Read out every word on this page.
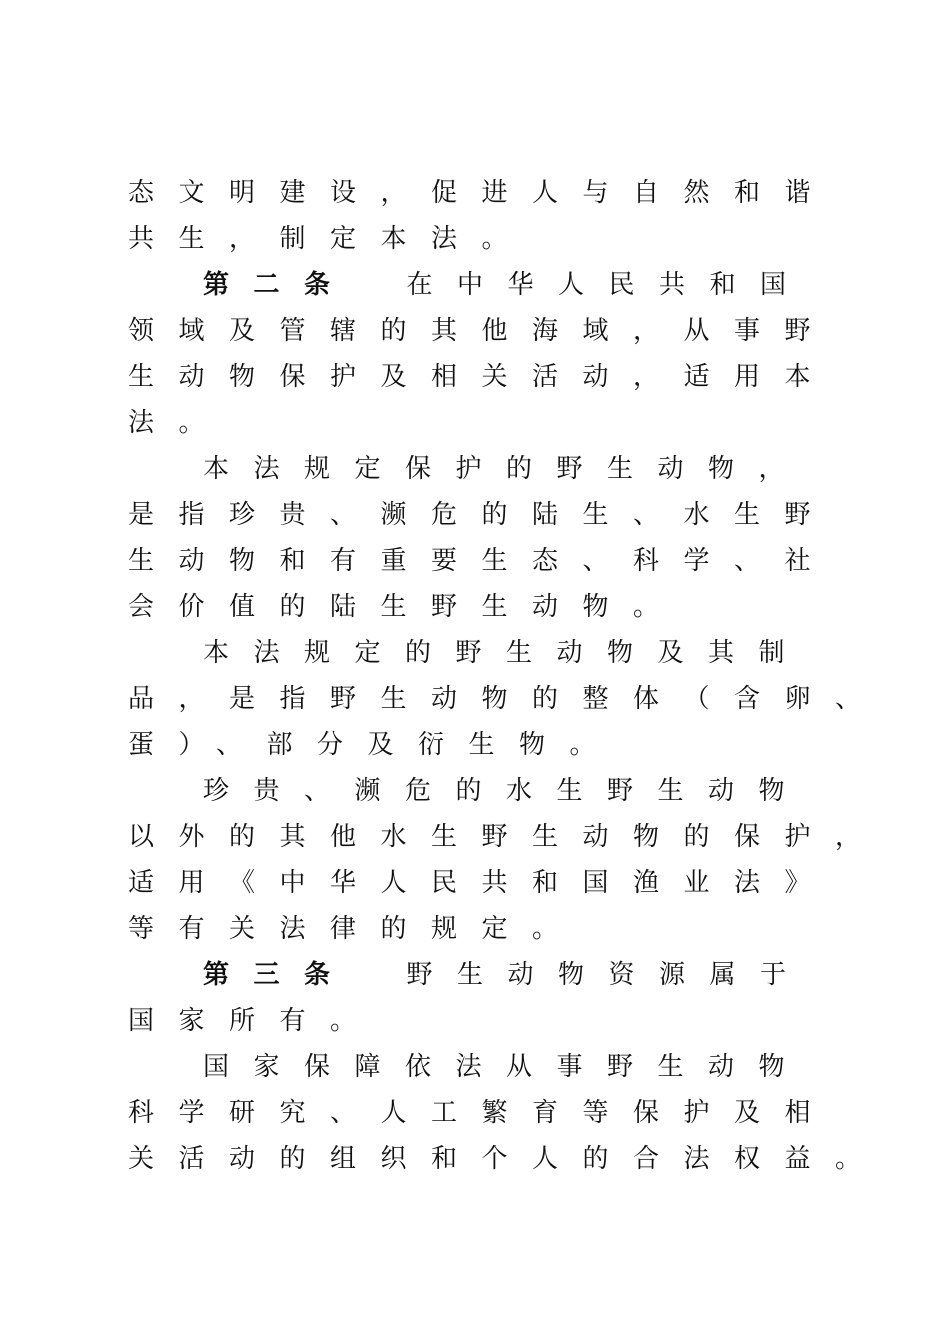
态文明建设，促进人与自然和谐
共生，制定本法。
第二条 在中华人民共和国
领域及管辖的其他海域，从事野
生动物保护及相关活动，适用本
法。
本法规定保护的野生动物，
是指珍贵、濒危的陆生、水生野
生动物和有重要生态、科学、社
会价值的陆生野生动物。
本法规定的野生动物及其制
品，是指野生动物的整体（含卵、
蛋）、部分及衍生物。
珍贵、濒危的水生野生动物
以外的其他水生野生动物的保护，
适用《中华人民共和国渔业法》
等有关法律的规定。
第三条 野生动物资源属于
国家所有。
国家保障依法从事野生动物
科学研究、人工繁育等保护及相
关活动的组织和个人的合法权益。
